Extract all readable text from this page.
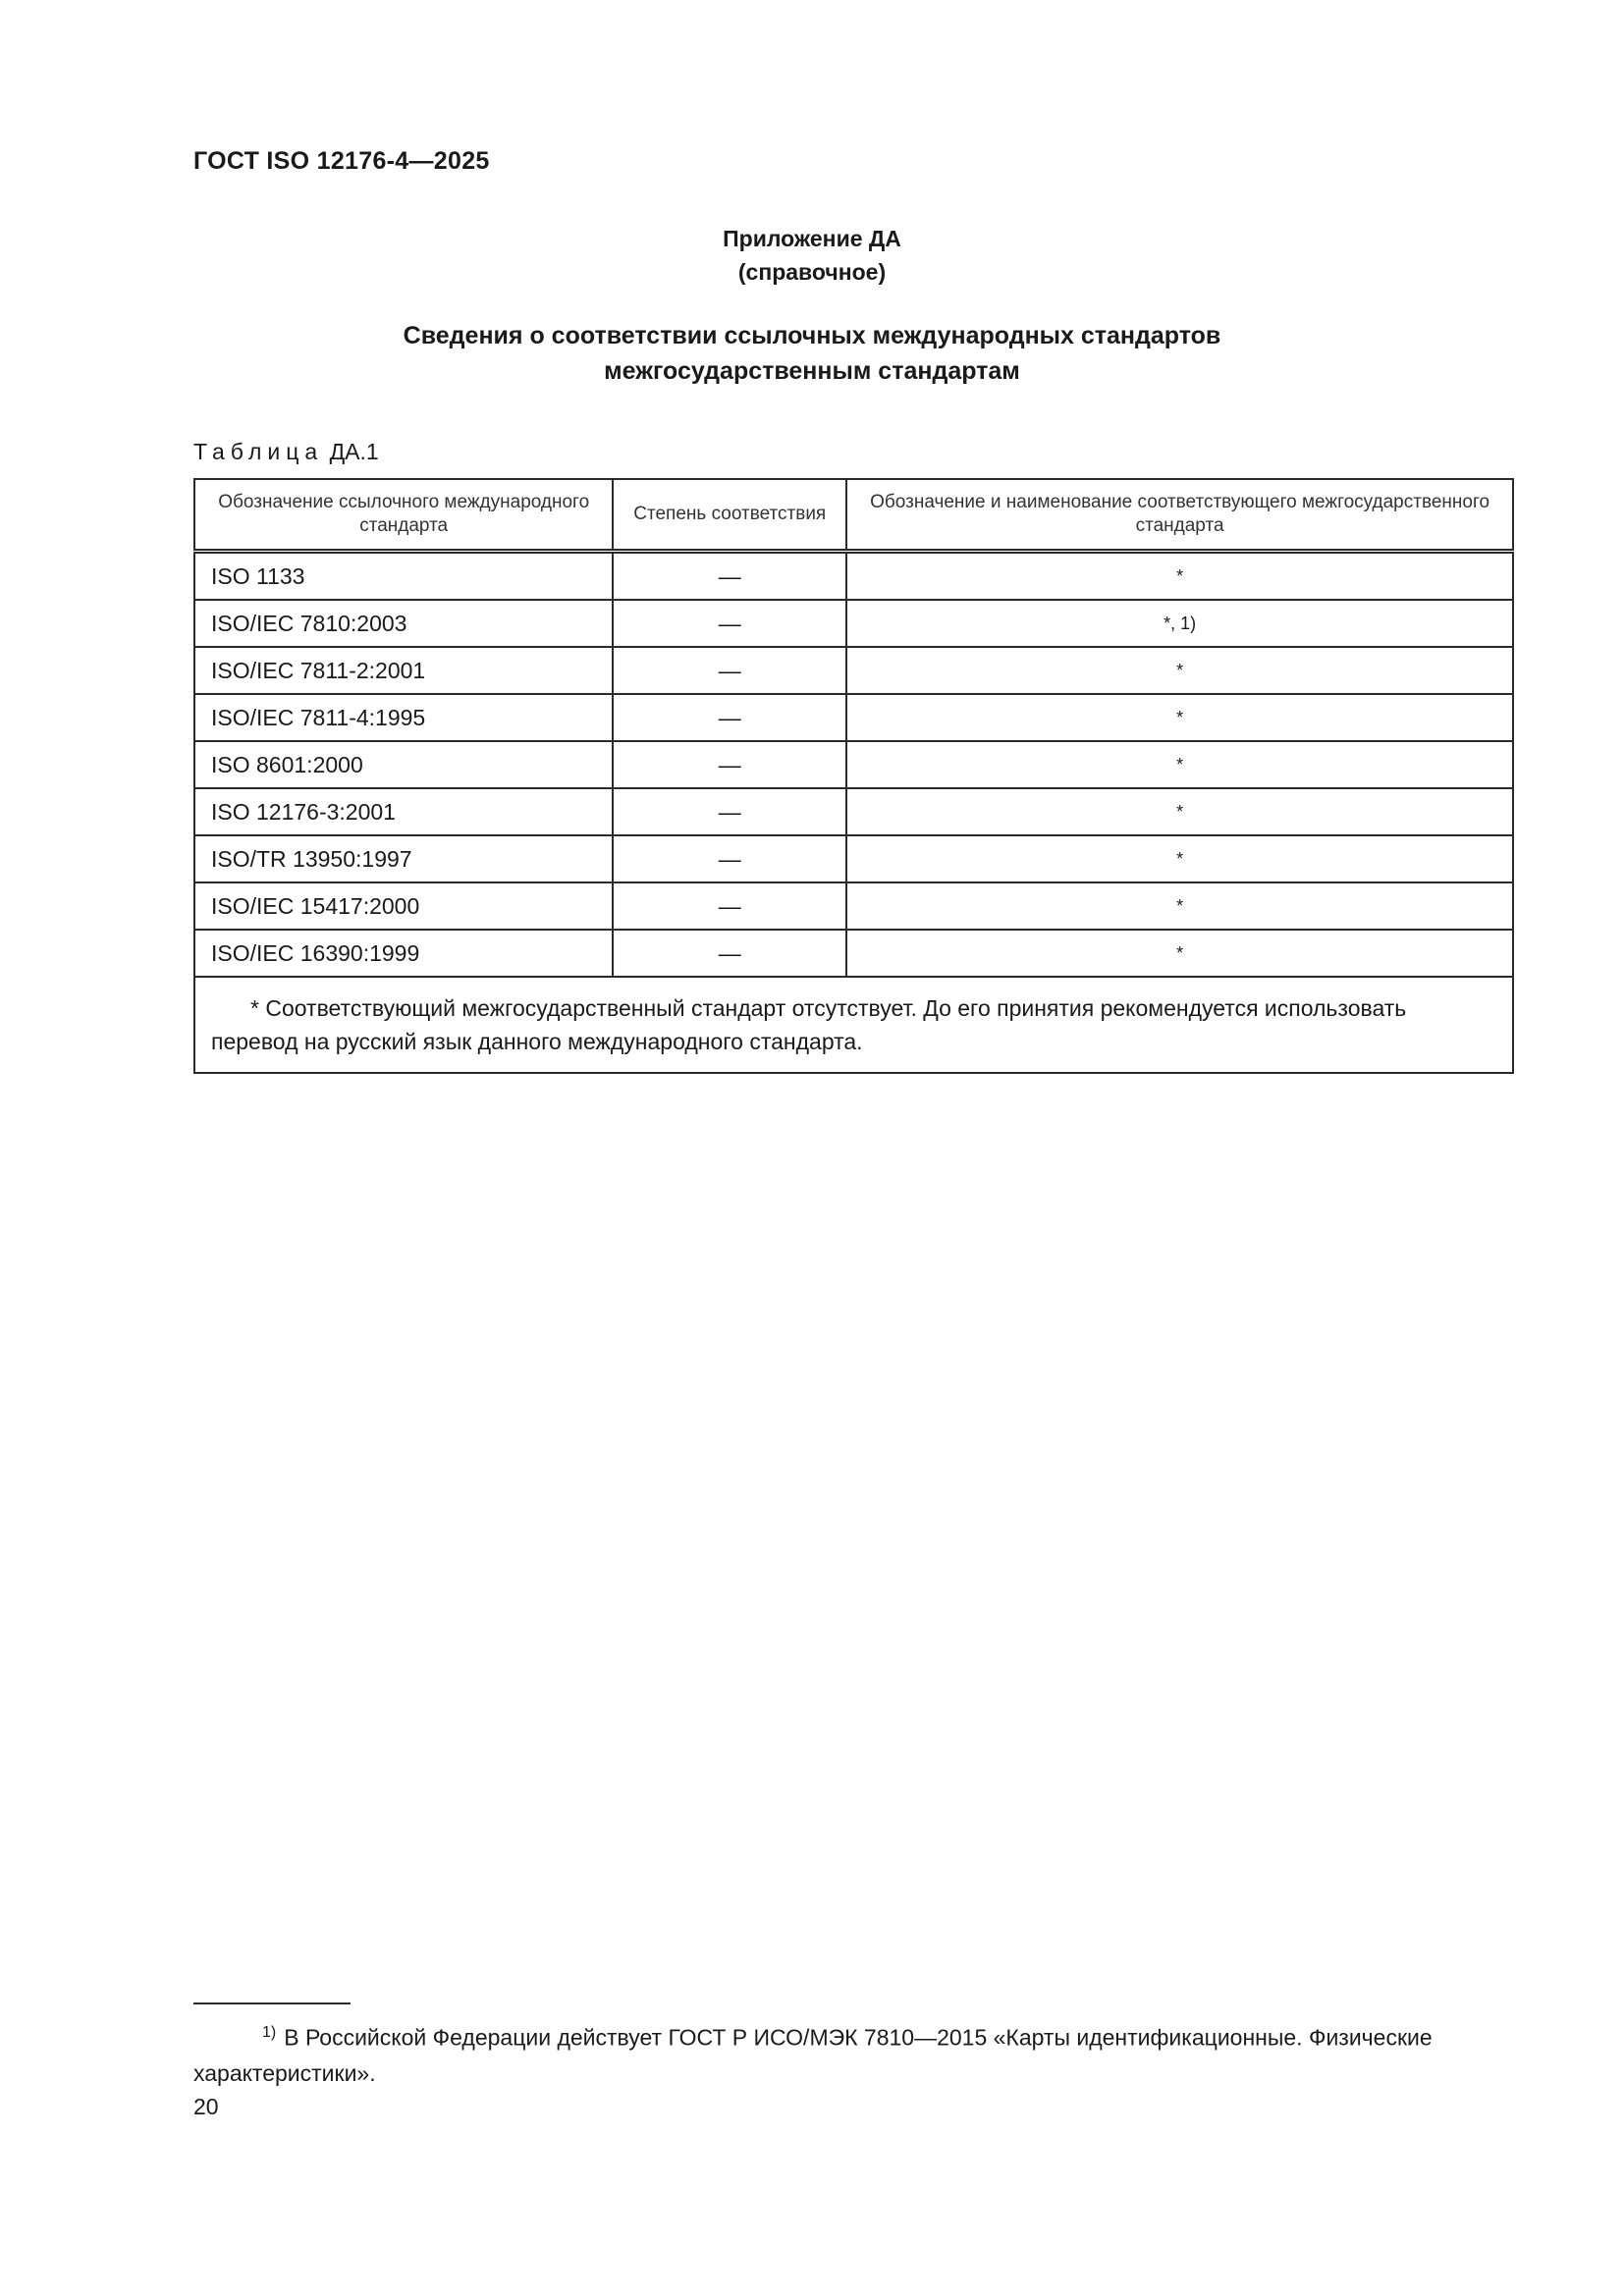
ГОСТ ISO 12176-4—2025
Приложение ДА
(справочное)
Сведения о соответствии ссылочных международных стандартов
межгосударственным стандартам
Таблица ДА.1
Обозначение ссылочного международного стандарта	Степень соответствия	Обозначение и наименование соответствующего межгосударственного стандарта
ISO 1133	—	*
ISO/IEC 7810:2003	—	*, 1)
ISO/IEC 7811-2:2001	—	*
ISO/IEC 7811-4:1995	—	*
ISO 8601:2000	—	*
ISO 12176-3:2001	—	*
ISO/TR 13950:1997	—	*
ISO/IEC 15417:2000	—	*
ISO/IEC 16390:1999	—	*
* Соответствующий межгосударственный стандарт отсутствует. До его принятия рекомендуется использовать перевод на русский язык данного международного стандарта.		
$^{1)}$ В Российской Федерации действует ГОСТ Р ИСО/МЭК 7810—2015 «Карты идентификационные. Физические характеристики».
20
